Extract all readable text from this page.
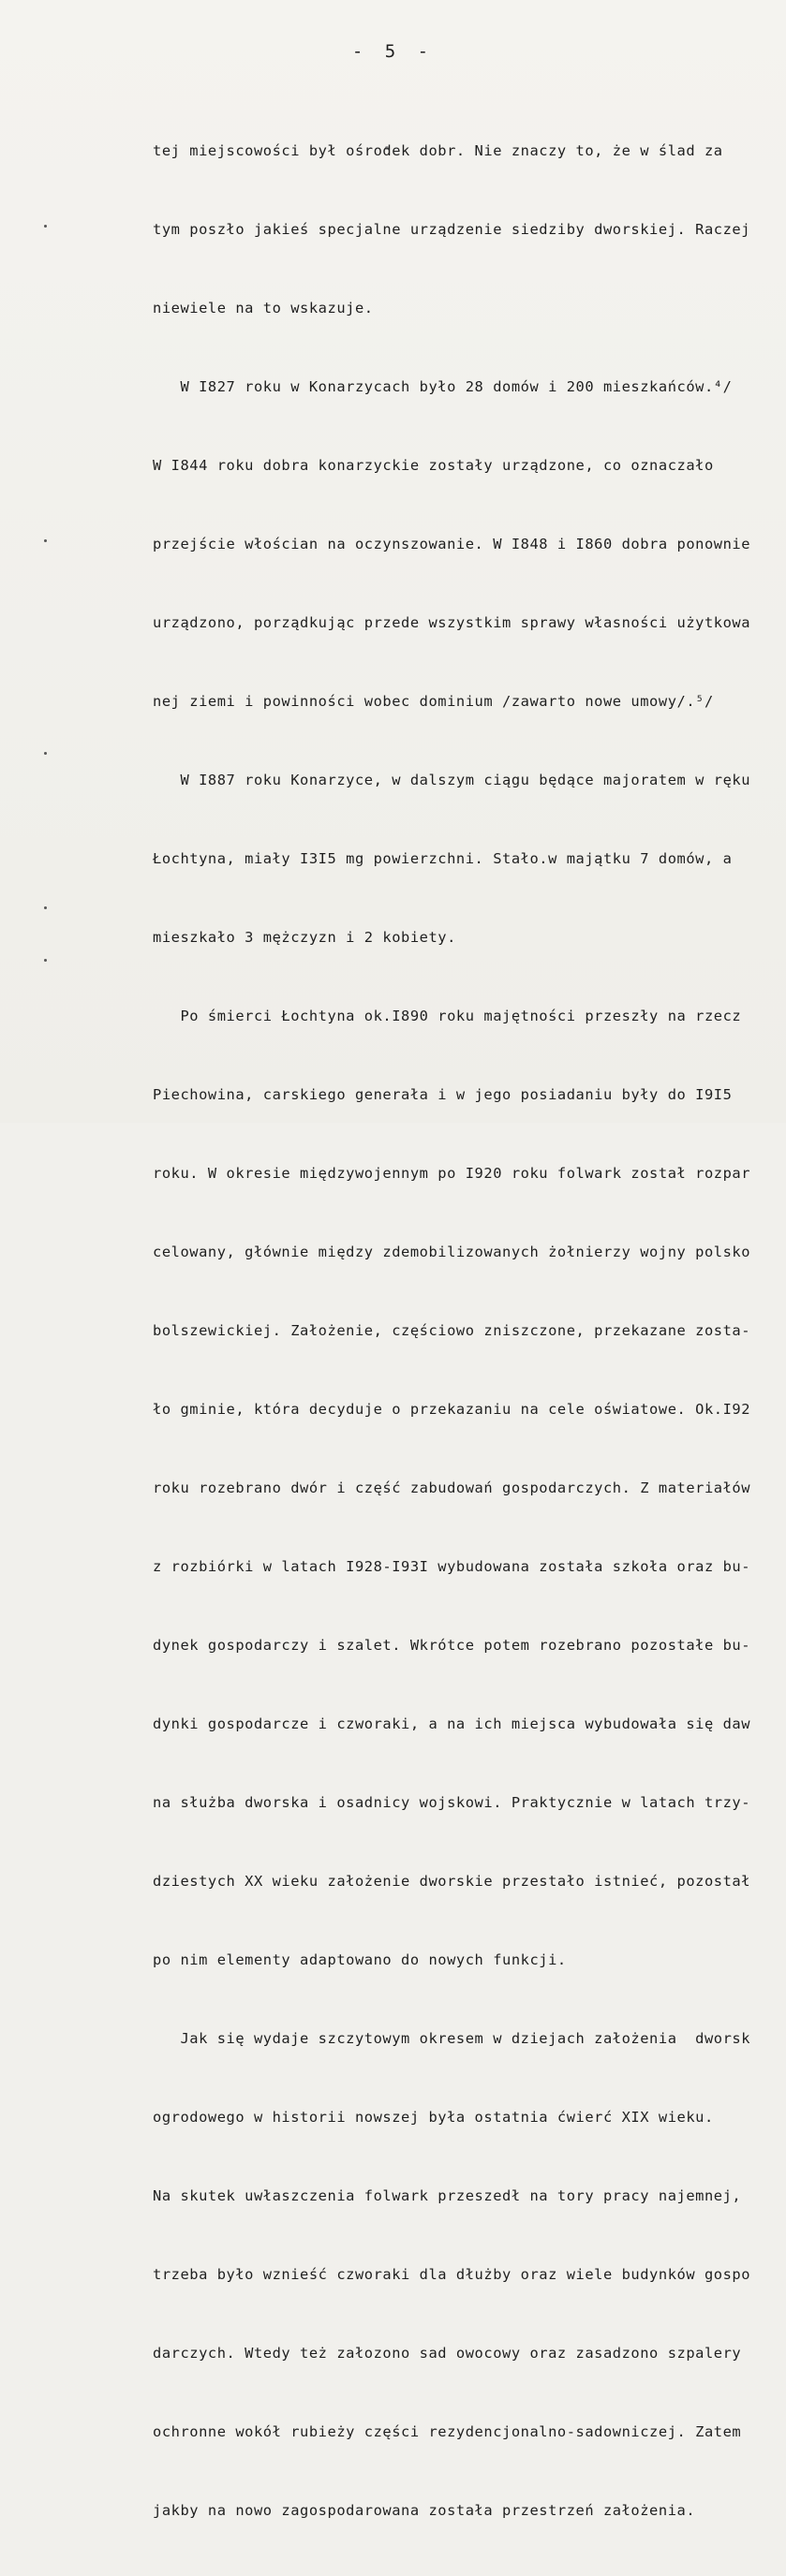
- 5 -

tej miejscowości był ośrodek dobr. Nie znaczy to, że w ślad za

tym poszło jakieś specjalne urządzenie siedziby dworskiej. Raczej

niewiele na to wskazuje.

W I827 roku w Konarzycach było 28 domów i 200 mieszkańców.⁴/

W I844 roku dobra konarzyckie zostały urządzone, co oznaczało

przejście włościan na oczynszowanie. W I848 i I860 dobra ponownie

urządzono, porządkując przede wszystkim sprawy własności użytkowa

nej ziemi i powinności wobec dominium /zawarto nowe umowy/.⁵/

W I887 roku Konarzyce, w dalszym ciągu będące majoratem w ręku

Łochtyna, miały I3I5 mg powierzchni. Stało.w majątku 7 domów, a

mieszkało 3 mężczyzn i 2 kobiety.

Po śmierci Łochtyna ok.I890 roku majętności przeszły na rzecz

Piechowina, carskiego generała i w jego posiadaniu były do I9I5

roku. W okresie międzywojennym po I920 roku folwark został rozpar

celowany, głównie między zdemobilizowanych żołnierzy wojny polsko

bolszewickiej. Założenie, częściowo zniszczone, przekazane zosta-

ło gminie, która decyduje o przekazaniu na cele oświatowe. Ok.I92

roku rozebrano dwór i część zabudowań gospodarczych. Z materiałów

z rozbiórki w latach I928-I93I wybudowana została szkoła oraz bu-

dynek gospodarczy i szalet. Wkrótce potem rozebrano pozostałe bu-

dynki gospodarcze i czworaki, a na ich miejsca wybudowała się daw

na służba dworska i osadnicy wojskowi. Praktycznie w latach trzy-

dziestych XX wieku założenie dworskie przestało istnieć, pozostał

po nim elementy adaptowano do nowych funkcji.

Jak się wydaje szczytowym okresem w dziejach założenia  dworsk

ogrodowego w historii nowszej była ostatnia ćwierć XIX wieku.

Na skutek uwłaszczenia folwark przeszedł na tory pracy najemnej,

trzeba było wznieść czworaki dla dłużby oraz wiele budynków gospo

darczych. Wtedy też załozono sad owocowy oraz zasadzono szpalery

ochronne wokół rubieży części rezydencjonalno-sadowniczej. Zatem

jakby na nowo zagospodarowana została przestrzeń założenia.
